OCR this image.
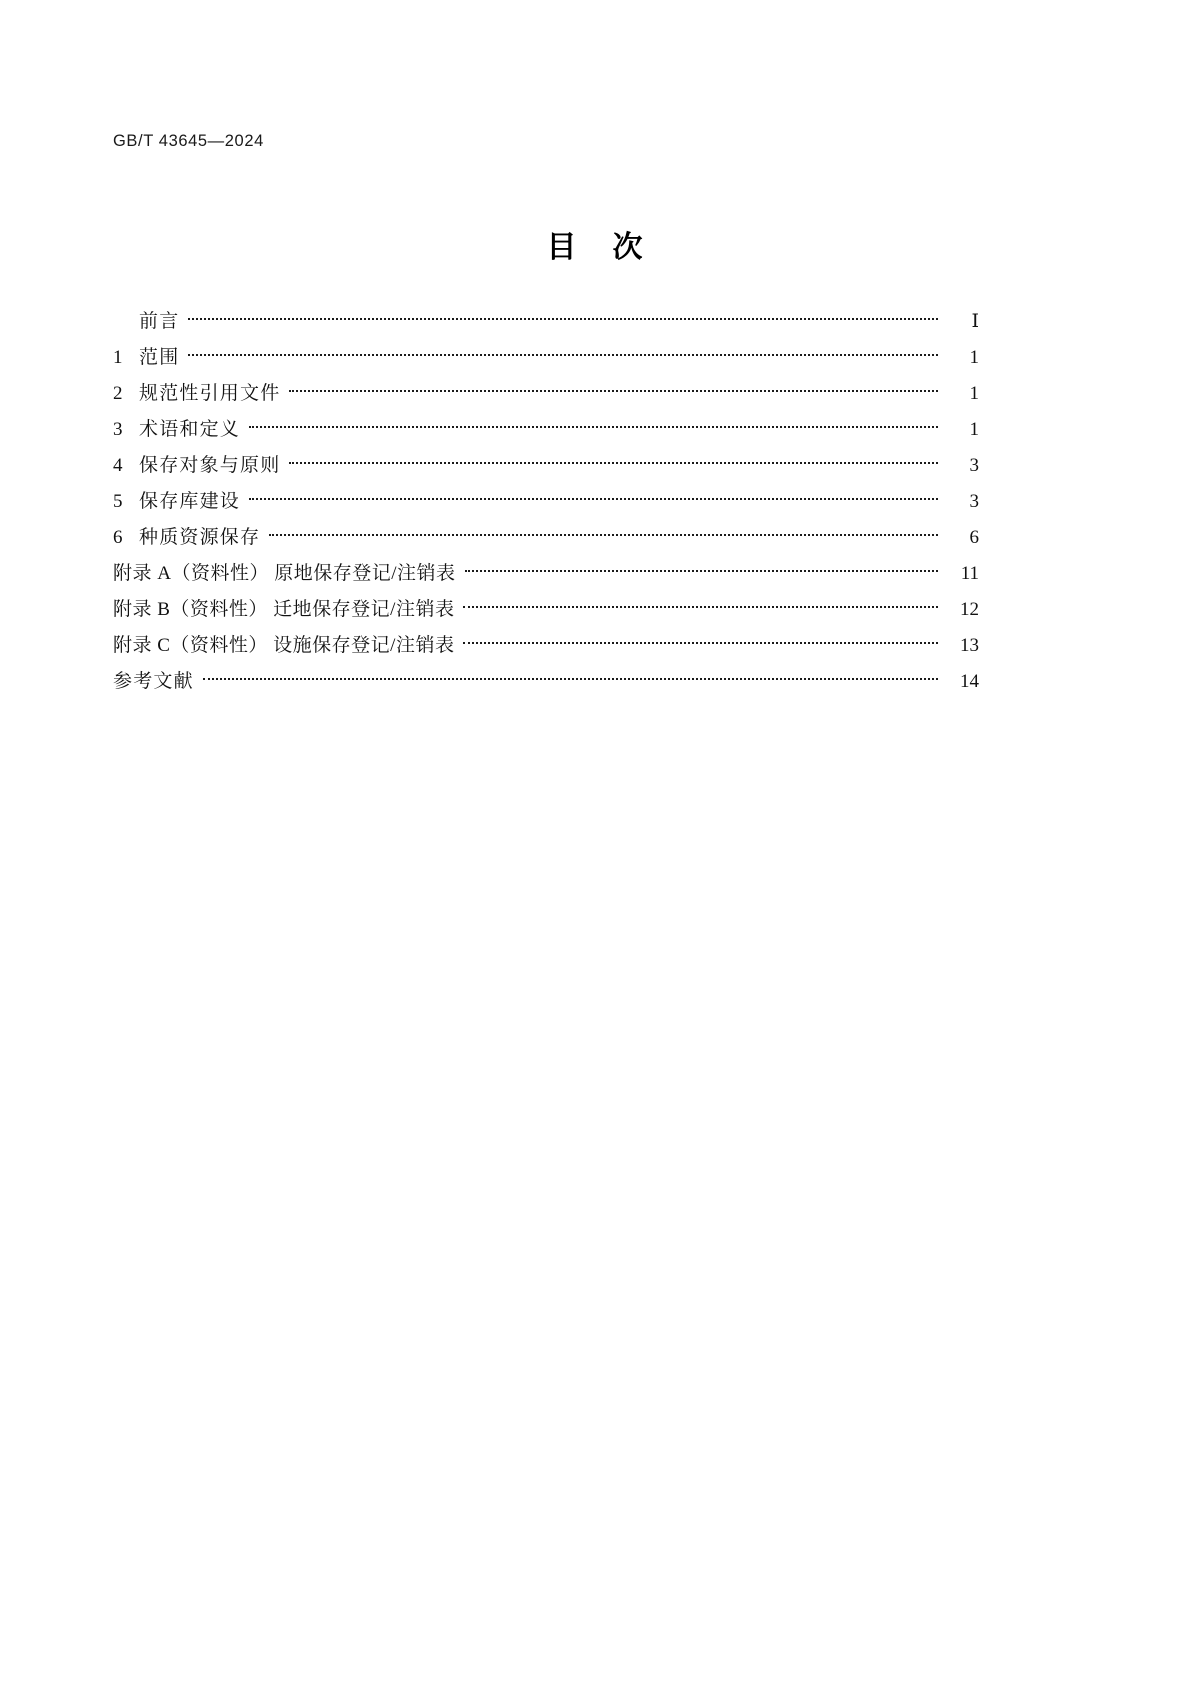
GB/T 43645—2024
目 次
前言	Ⅰ
1 范围	1
2 规范性引用文件	1
3 术语和定义	1
4 保存对象与原则	3
5 保存库建设	3
6 种质资源保存	6
附录 A（资料性） 原地保存登记/注销表	11
附录 B（资料性） 迁地保存登记/注销表	12
附录 C（资料性） 设施保存登记/注销表	13
参考文献	14
